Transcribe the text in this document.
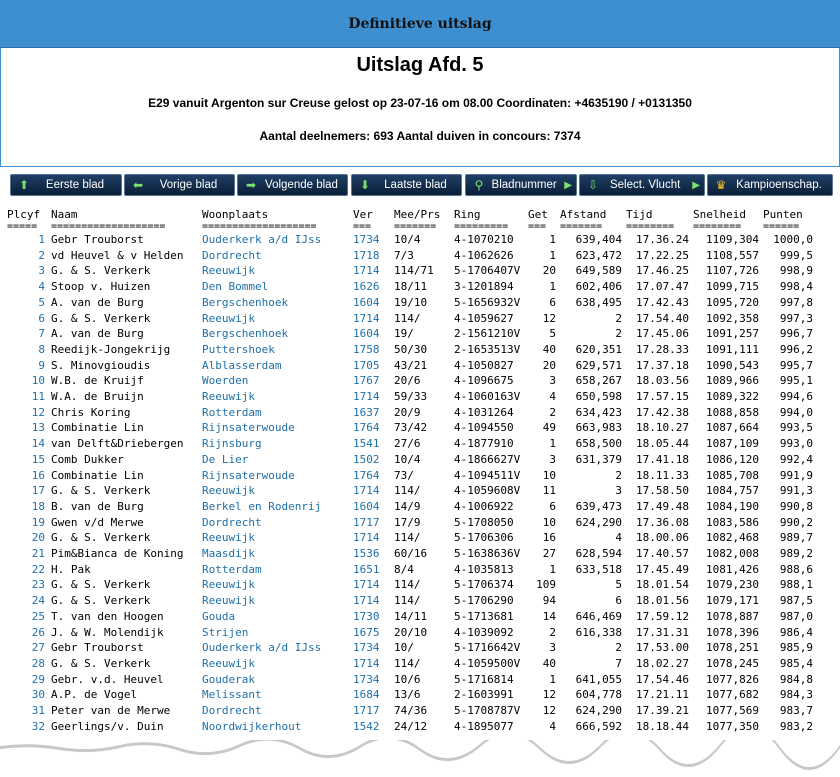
Definitieve uitslag
Uitslag Afd. 5
E29 vanuit Argenton sur Creuse gelost op 23-07-16 om 08.00 Coordinaten: +4635190 / +0131350
Aantal deelnemers: 693 Aantal duiven in concours: 7374
⬆	Eerste blad	⬅	Vorige blad	➡ Volgende blad	⬇	Laatste blad	⚲ Bladnummer ▶	⇩	Select. Vlucht	▶	♛ Kampioenschap.
Plcyf	Naam	Woonplaats	Ver	Mee/Prs	Ring	Get	Afstand	Tijd	Snelheid	Punten
=====	===================	===================	===	=======	=========	===	=======	========	========	======
1	Gebr Trouborst	Ouderkerk a/d IJss	1734	10/4	4-1070210	1	639,404	17.36.24	1109,304	1000,0
2	vd Heuvel & v Helden	Dordrecht	1718	7/3	4-1062626	1	623,472	17.22.25	1108,557	999,5
3	G. & S. Verkerk	Reeuwijk	1714	114/71	5-1706407V	20	649,589	17.46.25	1107,726	998,9
4	Stoop v. Huizen	Den Bommel	1626	18/11	3-1201894	1	602,406	17.07.47	1099,715	998,4
5	A. van de Burg	Bergschenhoek	1604	19/10	5-1656932V	6	638,495	17.42.43	1095,720	997,8
6	G. & S. Verkerk	Reeuwijk	1714	114/	4-1059627	12	2	17.54.40	1092,358	997,3
7	A. van de Burg	Bergschenhoek	1604	19/	2-1561210V	5	2	17.45.06	1091,257	996,7
8	Reedijk-Jongekrijg	Puttershoek	1758	50/30	2-1653513V	40	620,351	17.28.33	1091,111	996,2
9	S. Minovgioudis	Alblasserdam	1705	43/21	4-1050827	20	629,571	17.37.18	1090,543	995,7
10	W.B. de Kruijf	Woerden	1767	20/6	4-1096675	3	658,267	18.03.56	1089,966	995,1
11	W.A. de Bruijn	Reeuwijk	1714	59/33	4-1060163V	4	650,598	17.57.15	1089,322	994,6
12	Chris Koring	Rotterdam	1637	20/9	4-1031264	2	634,423	17.42.38	1088,858	994,0
13	Combinatie Lin	Rijnsaterwoude	1764	73/42	4-1094550	49	663,983	18.10.27	1087,664	993,5
14	van Delft&Driebergen	Rijnsburg	1541	27/6	4-1877910	1	658,500	18.05.44	1087,109	993,0
15	Comb Dukker	De Lier	1502	10/4	4-1866627V	3	631,379	17.41.18	1086,120	992,4
16	Combinatie Lin	Rijnsaterwoude	1764	73/	4-1094511V	10	2	18.11.33	1085,708	991,9
17	G. & S. Verkerk	Reeuwijk	1714	114/	4-1059608V	11	3	17.58.50	1084,757	991,3
18	B. van de Burg	Berkel en Rodenrij	1604	14/9	4-1006922	6	639,473	17.49.48	1084,190	990,8
19	Gwen v/d Merwe	Dordrecht	1717	17/9	5-1708050	10	624,290	17.36.08	1083,586	990,2
20	G. & S. Verkerk	Reeuwijk	1714	114/	5-1706306	16	4	18.00.06	1082,468	989,7
21	Pim&Bianca de Koning	Maasdijk	1536	60/16	5-1638636V	27	628,594	17.40.57	1082,008	989,2
22	H. Pak	Rotterdam	1651	8/4	4-1035813	1	633,518	17.45.49	1081,426	988,6
23	G. & S. Verkerk	Reeuwijk	1714	114/	5-1706374	109	5	18.01.54	1079,230	988,1
24	G. & S. Verkerk	Reeuwijk	1714	114/	5-1706290	94	6	18.01.56	1079,171	987,5
25	T. van den Hoogen	Gouda	1730	14/11	5-1713681	14	646,469	17.59.12	1078,887	987,0
26	J. & W. Molendijk	Strijen	1675	20/10	4-1039092	2	616,338	17.31.31	1078,396	986,4
27	Gebr Trouborst	Ouderkerk a/d IJss	1734	10/	5-1716642V	3	2	17.53.00	1078,251	985,9
28	G. & S. Verkerk	Reeuwijk	1714	114/	4-1059500V	40	7	18.02.27	1078,245	985,4
29	Gebr. v.d. Heuvel	Gouderak	1734	10/6	5-1716814	1	641,055	17.54.46	1077,826	984,8
30	A.P. de Vogel	Melissant	1684	13/6	2-1603991	12	604,778	17.21.11	1077,682	984,3
31	Peter van de Merwe	Dordrecht	1717	74/36	5-1708787V	12	624,290	17.39.21	1077,569	983,7
32	Geerlings/v. Duin	Noordwijkerhout	1542	24/12	4-1895077	4	666,592	18.18.44	1077,350	983,2
